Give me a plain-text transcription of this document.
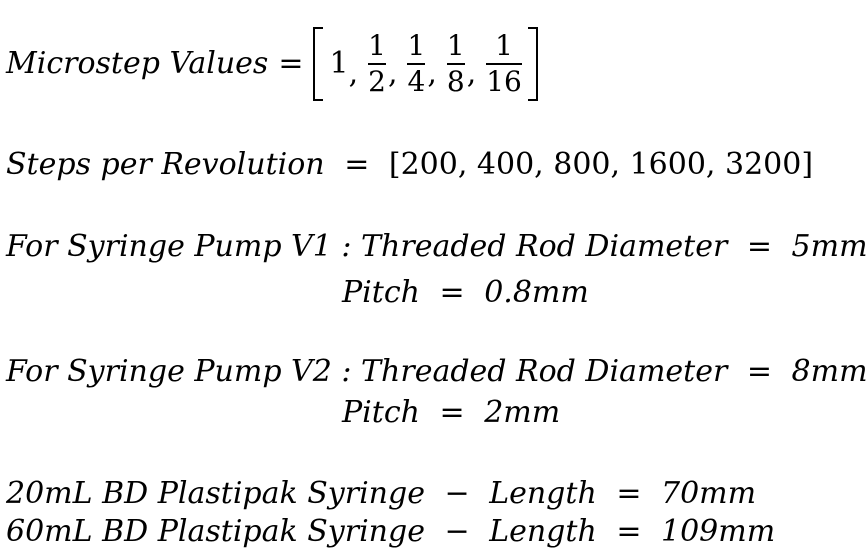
Microstep Values = 1 , $\frac{1}{2}$ , $\frac{1}{4}$ , $\frac{1}{8}$ , $\frac{1}{16}$
Steps per Revolution = [200, 400, 800, 1600, 3200]
For Syringe Pump V1 : Threaded Rod Diameter = 5mm
Pitch = 0.8mm
For Syringe Pump V2 : Threaded Rod Diameter = 8mm
Pitch = 2mm
20mL BD Plastipak Syringe − Length = 70mm
60mL BD Plastipak Syringe − Length = 109mm
